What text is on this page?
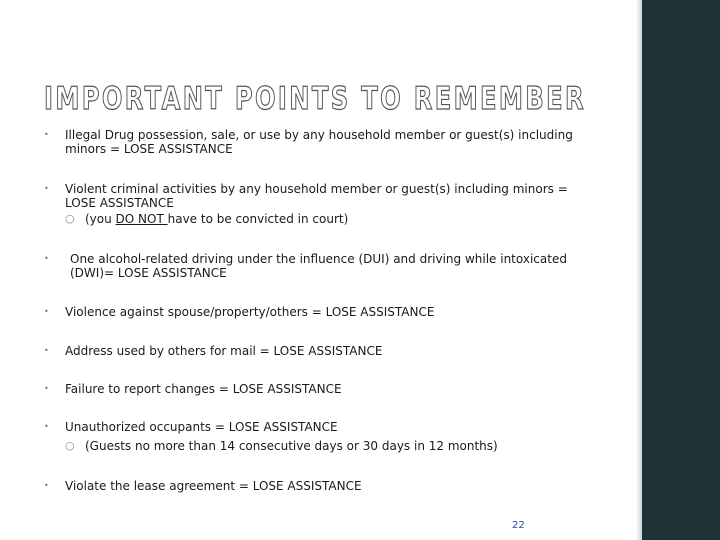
IMPORTANT POINTS TO REMEMBER
• Illegal Drug possession, sale, or use by any household member or guest(s) including minors = LOSE ASSISTANCE
• Violent criminal activities by any household member or guest(s) including minors = LOSE ASSISTANCE
○ (you DO NOT have to be convicted in court)
• One alcohol-related driving under the influence (DUI) and driving while intoxicated (DWI)= LOSE ASSISTANCE
• Violence against spouse/property/others = LOSE ASSISTANCE
• Address used by others for mail = LOSE ASSISTANCE
• Failure to report changes = LOSE ASSISTANCE
• Unauthorized occupants = LOSE ASSISTANCE
○ (Guests no more than 14 consecutive days or 30 days in 12 months)
• Violate the lease agreement = LOSE ASSISTANCE
22
